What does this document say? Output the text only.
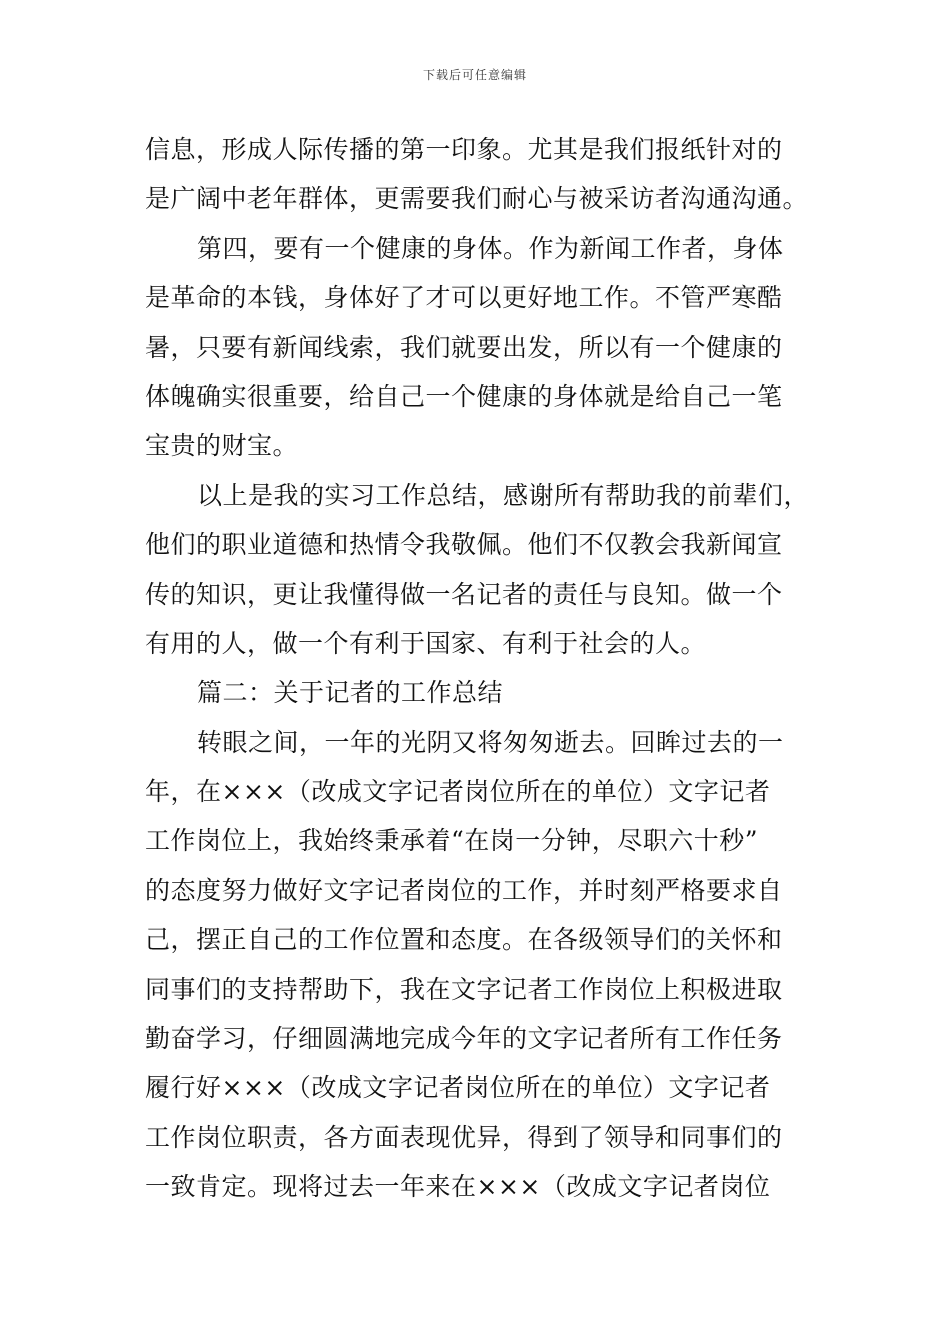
下载后可任意编辑
信息，形成人际传播的第一印象。尤其是我们报纸针对的
是广阔中老年群体，更需要我们耐心与被采访者沟通沟通。
第四，要有一个健康的身体。作为新闻工作者，身体
是革命的本钱，身体好了才可以更好地工作。不管严寒酷
暑，只要有新闻线索，我们就要出发，所以有一个健康的
体魄确实很重要，给自己一个健康的身体就是给自己一笔
宝贵的财宝。
以上是我的实习工作总结，感谢所有帮助我的前辈们，
他们的职业道德和热情令我敬佩。他们不仅教会我新闻宣
传的知识，更让我懂得做一名记者的责任与良知。做一个
有用的人，做一个有利于国家、有利于社会的人。
篇二：关于记者的工作总结
转眼之间，一年的光阴又将匆匆逝去。回眸过去的一
年，在×××（改成文字记者岗位所在的单位）文字记者
工作岗位上，我始终秉承着“在岗一分钟，尽职六十秒”
的态度努力做好文字记者岗位的工作，并时刻严格要求自
己，摆正自己的工作位置和态度。在各级领导们的关怀和
同事们的支持帮助下，我在文字记者工作岗位上积极进取
勤奋学习，仔细圆满地完成今年的文字记者所有工作任务
履行好×××（改成文字记者岗位所在的单位）文字记者
工作岗位职责，各方面表现优异，得到了领导和同事们的
一致肯定。现将过去一年来在×××（改成文字记者岗位
